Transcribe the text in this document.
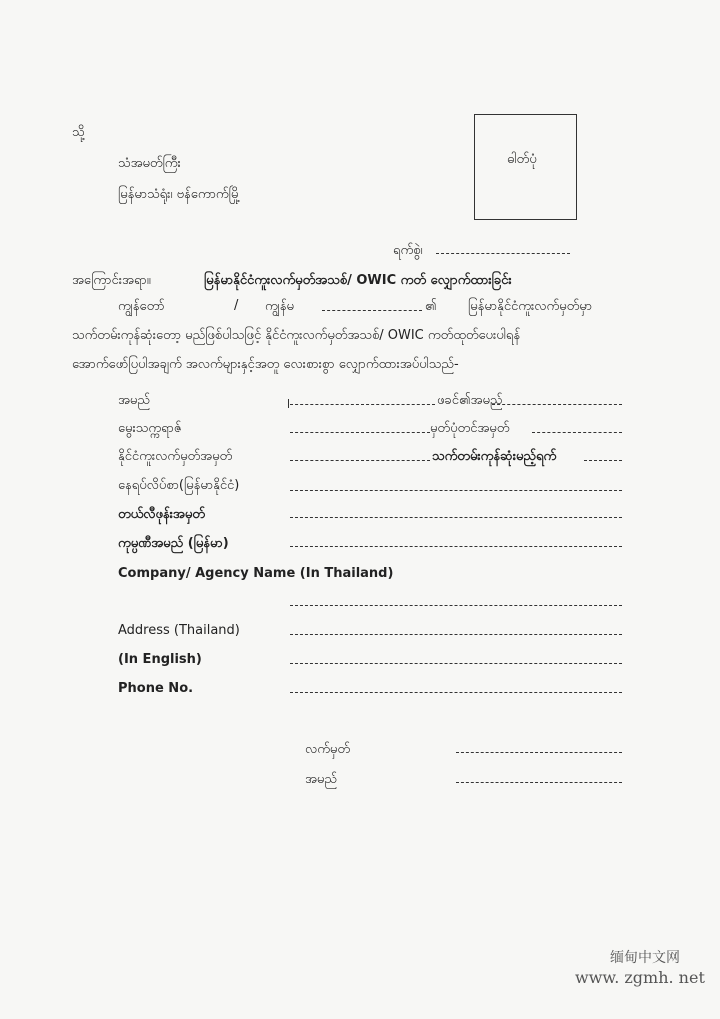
သို့
သံအမတ်ကြီး
မြန်မာသံရုံး၊ ဗန်ကောက်မြို့
ဓါတ်ပုံ
ရက်စွဲ၊
အကြောင်းအရာ။	မြန်မာနိုင်ငံကူးလက်မှတ်အသစ်/ OWIC ကတ် လျှောက်ထားခြင်း
ကျွန်တော်	/ ကျွန်မ	၏ မြန်မာနိုင်ငံကူးလက်မှတ်မှာ
သက်တမ်းကုန်ဆုံးတော့ မည်ဖြစ်ပါသဖြင့် နိုင်ငံကူးလက်မှတ်အသစ်/ OWIC ကတ်ထုတ်ပေးပါရန်
အောက်ဖော်ပြပါအချက် အလက်များနှင့်အတူ လေးစားစွာ လျှောက်ထားအပ်ပါသည်-
အမည်	ဖခင်၏အမည်
မွေးသက္ကရာဇ်	မှတ်ပုံတင်အမှတ်
နိုင်ငံကူးလက်မှတ်အမှတ်	သက်တမ်းကုန်ဆုံးမည့်ရက်
နေရပ်လိပ်စာ(မြန်မာနိုင်ငံ)
တယ်လီဖုန်းအမှတ်
ကုမ္ပဏီအမည် (မြန်မာ)
Company/ Agency Name (In Thailand)
Address (Thailand)
(In English)
Phone No.
လက်မှတ်
အမည်
缅甸中文网
www. zgmh. net
